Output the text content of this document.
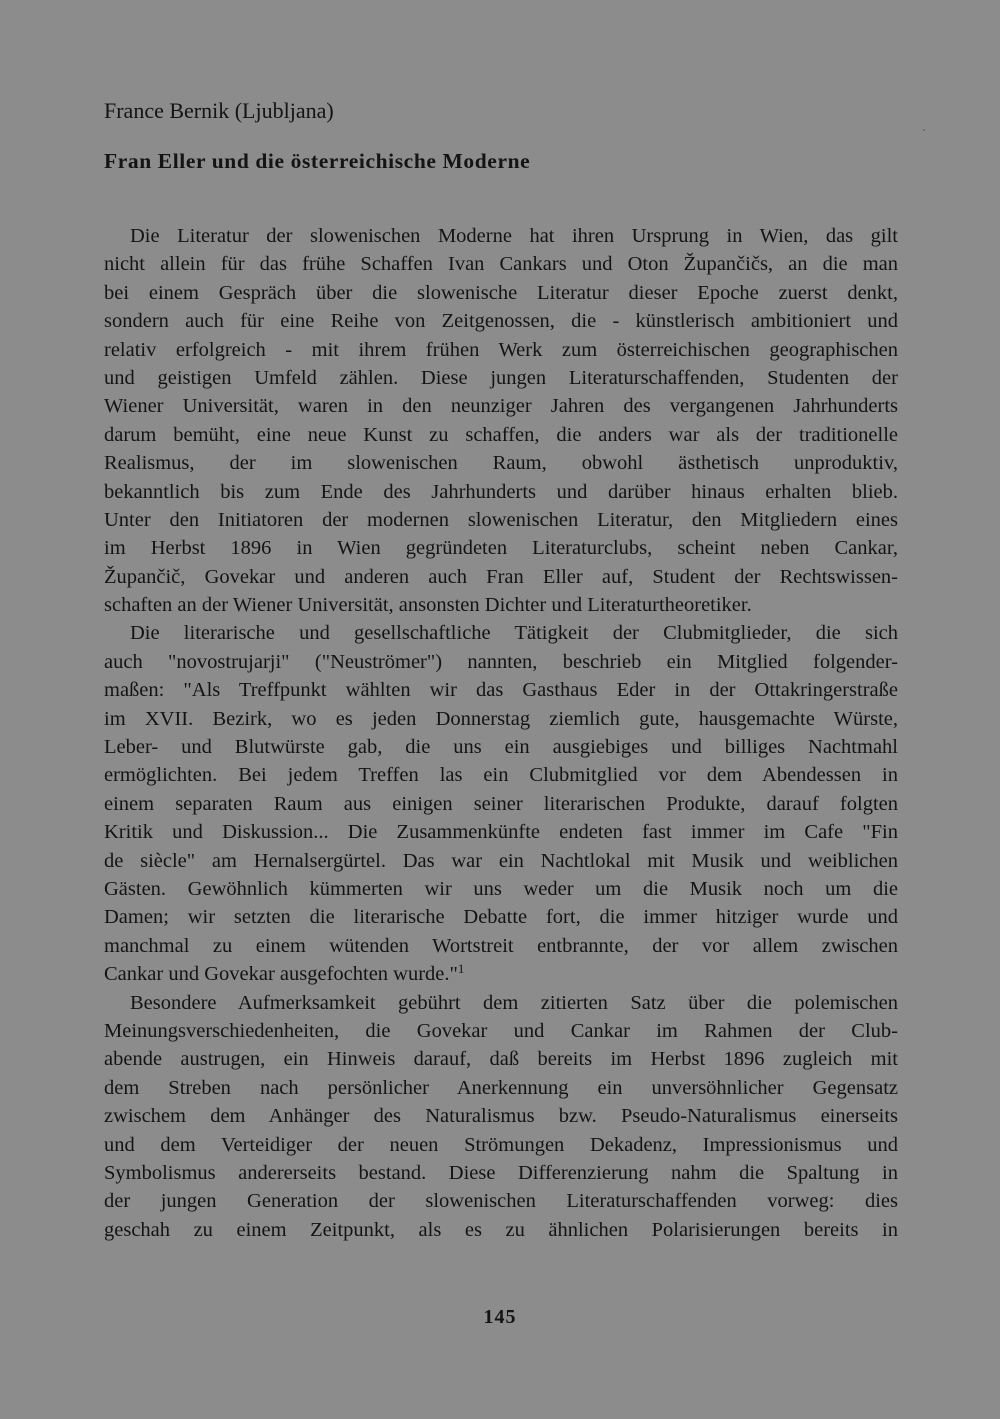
France Bernik (Ljubljana)
Fran Eller und die österreichische Moderne
Die Literatur der slowenischen Moderne hat ihren Ursprung in Wien, das gilt
nicht allein für das frühe Schaffen Ivan Cankars und Oton Župančičs, an die man
bei einem Gespräch über die slowenische Literatur dieser Epoche zuerst denkt,
sondern auch für eine Reihe von Zeitgenossen, die - künstlerisch ambitioniert und
relativ erfolgreich - mit ihrem frühen Werk zum österreichischen geographischen
und geistigen Umfeld zählen. Diese jungen Literaturschaffenden, Studenten der
Wiener Universität, waren in den neunziger Jahren des vergangenen Jahrhunderts
darum bemüht, eine neue Kunst zu schaffen, die anders war als der traditionelle
Realismus, der im slowenischen Raum, obwohl ästhetisch unproduktiv,
bekanntlich bis zum Ende des Jahrhunderts und darüber hinaus erhalten blieb.
Unter den Initiatoren der modernen slowenischen Literatur, den Mitgliedern eines
im Herbst 1896 in Wien gegründeten Literaturclubs, scheint neben Cankar,
Župančič, Govekar und anderen auch Fran Eller auf, Student der Rechtswissen-
schaften an der Wiener Universität, ansonsten Dichter und Literaturtheoretiker.
Die literarische und gesellschaftliche Tätigkeit der Clubmitglieder, die sich
auch "novostrujarji" ("Neuströmer") nannten, beschrieb ein Mitglied folgender-
maßen: "Als Treffpunkt wählten wir das Gasthaus Eder in der Ottakringerstraße
im XVII. Bezirk, wo es jeden Donnerstag ziemlich gute, hausgemachte Würste,
Leber- und Blutwürste gab, die uns ein ausgiebiges und billiges Nachtmahl
ermöglichten. Bei jedem Treffen las ein Clubmitglied vor dem Abendessen in
einem separaten Raum aus einigen seiner literarischen Produkte, darauf folgten
Kritik und Diskussion... Die Zusammenkünfte endeten fast immer im Cafe "Fin
de siècle" am Hernalsergürtel. Das war ein Nachtlokal mit Musik und weiblichen
Gästen. Gewöhnlich kümmerten wir uns weder um die Musik noch um die
Damen; wir setzten die literarische Debatte fort, die immer hitziger wurde und
manchmal zu einem wütenden Wortstreit entbrannte, der vor allem zwischen
Cankar und Govekar ausgefochten wurde."$^1$
Besondere Aufmerksamkeit gebührt dem zitierten Satz über die polemischen
Meinungsverschiedenheiten, die Govekar und Cankar im Rahmen der Club-
abende austrugen, ein Hinweis darauf, daß bereits im Herbst 1896 zugleich mit
dem Streben nach persönlicher Anerkennung ein unversöhnlicher Gegensatz
zwischem dem Anhänger des Naturalismus bzw. Pseudo-Naturalismus einerseits
und dem Verteidiger der neuen Strömungen Dekadenz, Impressionismus und
Symbolismus andererseits bestand. Diese Differenzierung nahm die Spaltung in
der jungen Generation der slowenischen Literaturschaffenden vorweg: dies
geschah zu einem Zeitpunkt, als es zu ähnlichen Polarisierungen bereits in
145
